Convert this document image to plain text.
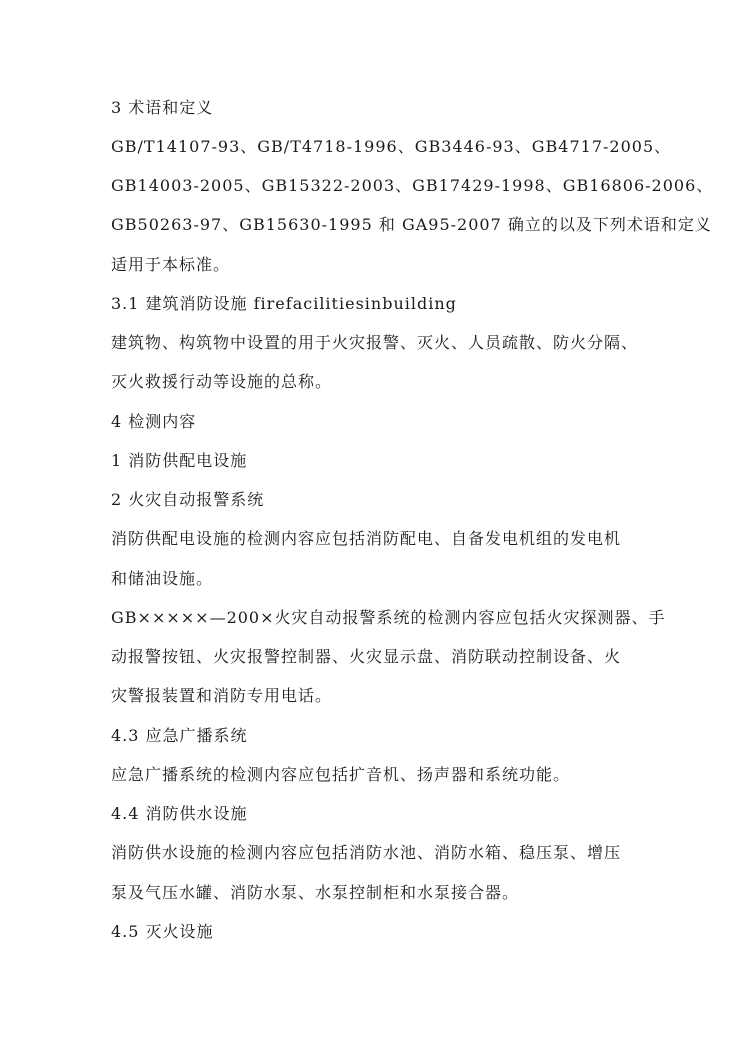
3 术语和定义
GB/T14107-93、GB/T4718-1996、GB3446-93、GB4717-2005、
GB14003-2005、GB15322-2003、GB17429-1998、GB16806-2006、
GB50263-97、GB15630-1995 和 GA95-2007 确立的以及下列术语和定义
适用于本标准。
3.1 建筑消防设施 firefacilitiesinbuilding
建筑物、构筑物中设置的用于火灾报警、灭火、人员疏散、防火分隔、
灭火救援行动等设施的总称。
4 检测内容
1 消防供配电设施
2 火灾自动报警系统
消防供配电设施的检测内容应包括消防配电、自备发电机组的发电机
和储油设施。
GB×××××—200×火灾自动报警系统的检测内容应包括火灾探测器、手
动报警按钮、火灾报警控制器、火灾显示盘、消防联动控制设备、火
灾警报装置和消防专用电话。
4.3 应急广播系统
应急广播系统的检测内容应包括扩音机、扬声器和系统功能。
4.4 消防供水设施
消防供水设施的检测内容应包括消防水池、消防水箱、稳压泵、增压
泵及气压水罐、消防水泵、水泵控制柜和水泵接合器。
4.5 灭火设施
